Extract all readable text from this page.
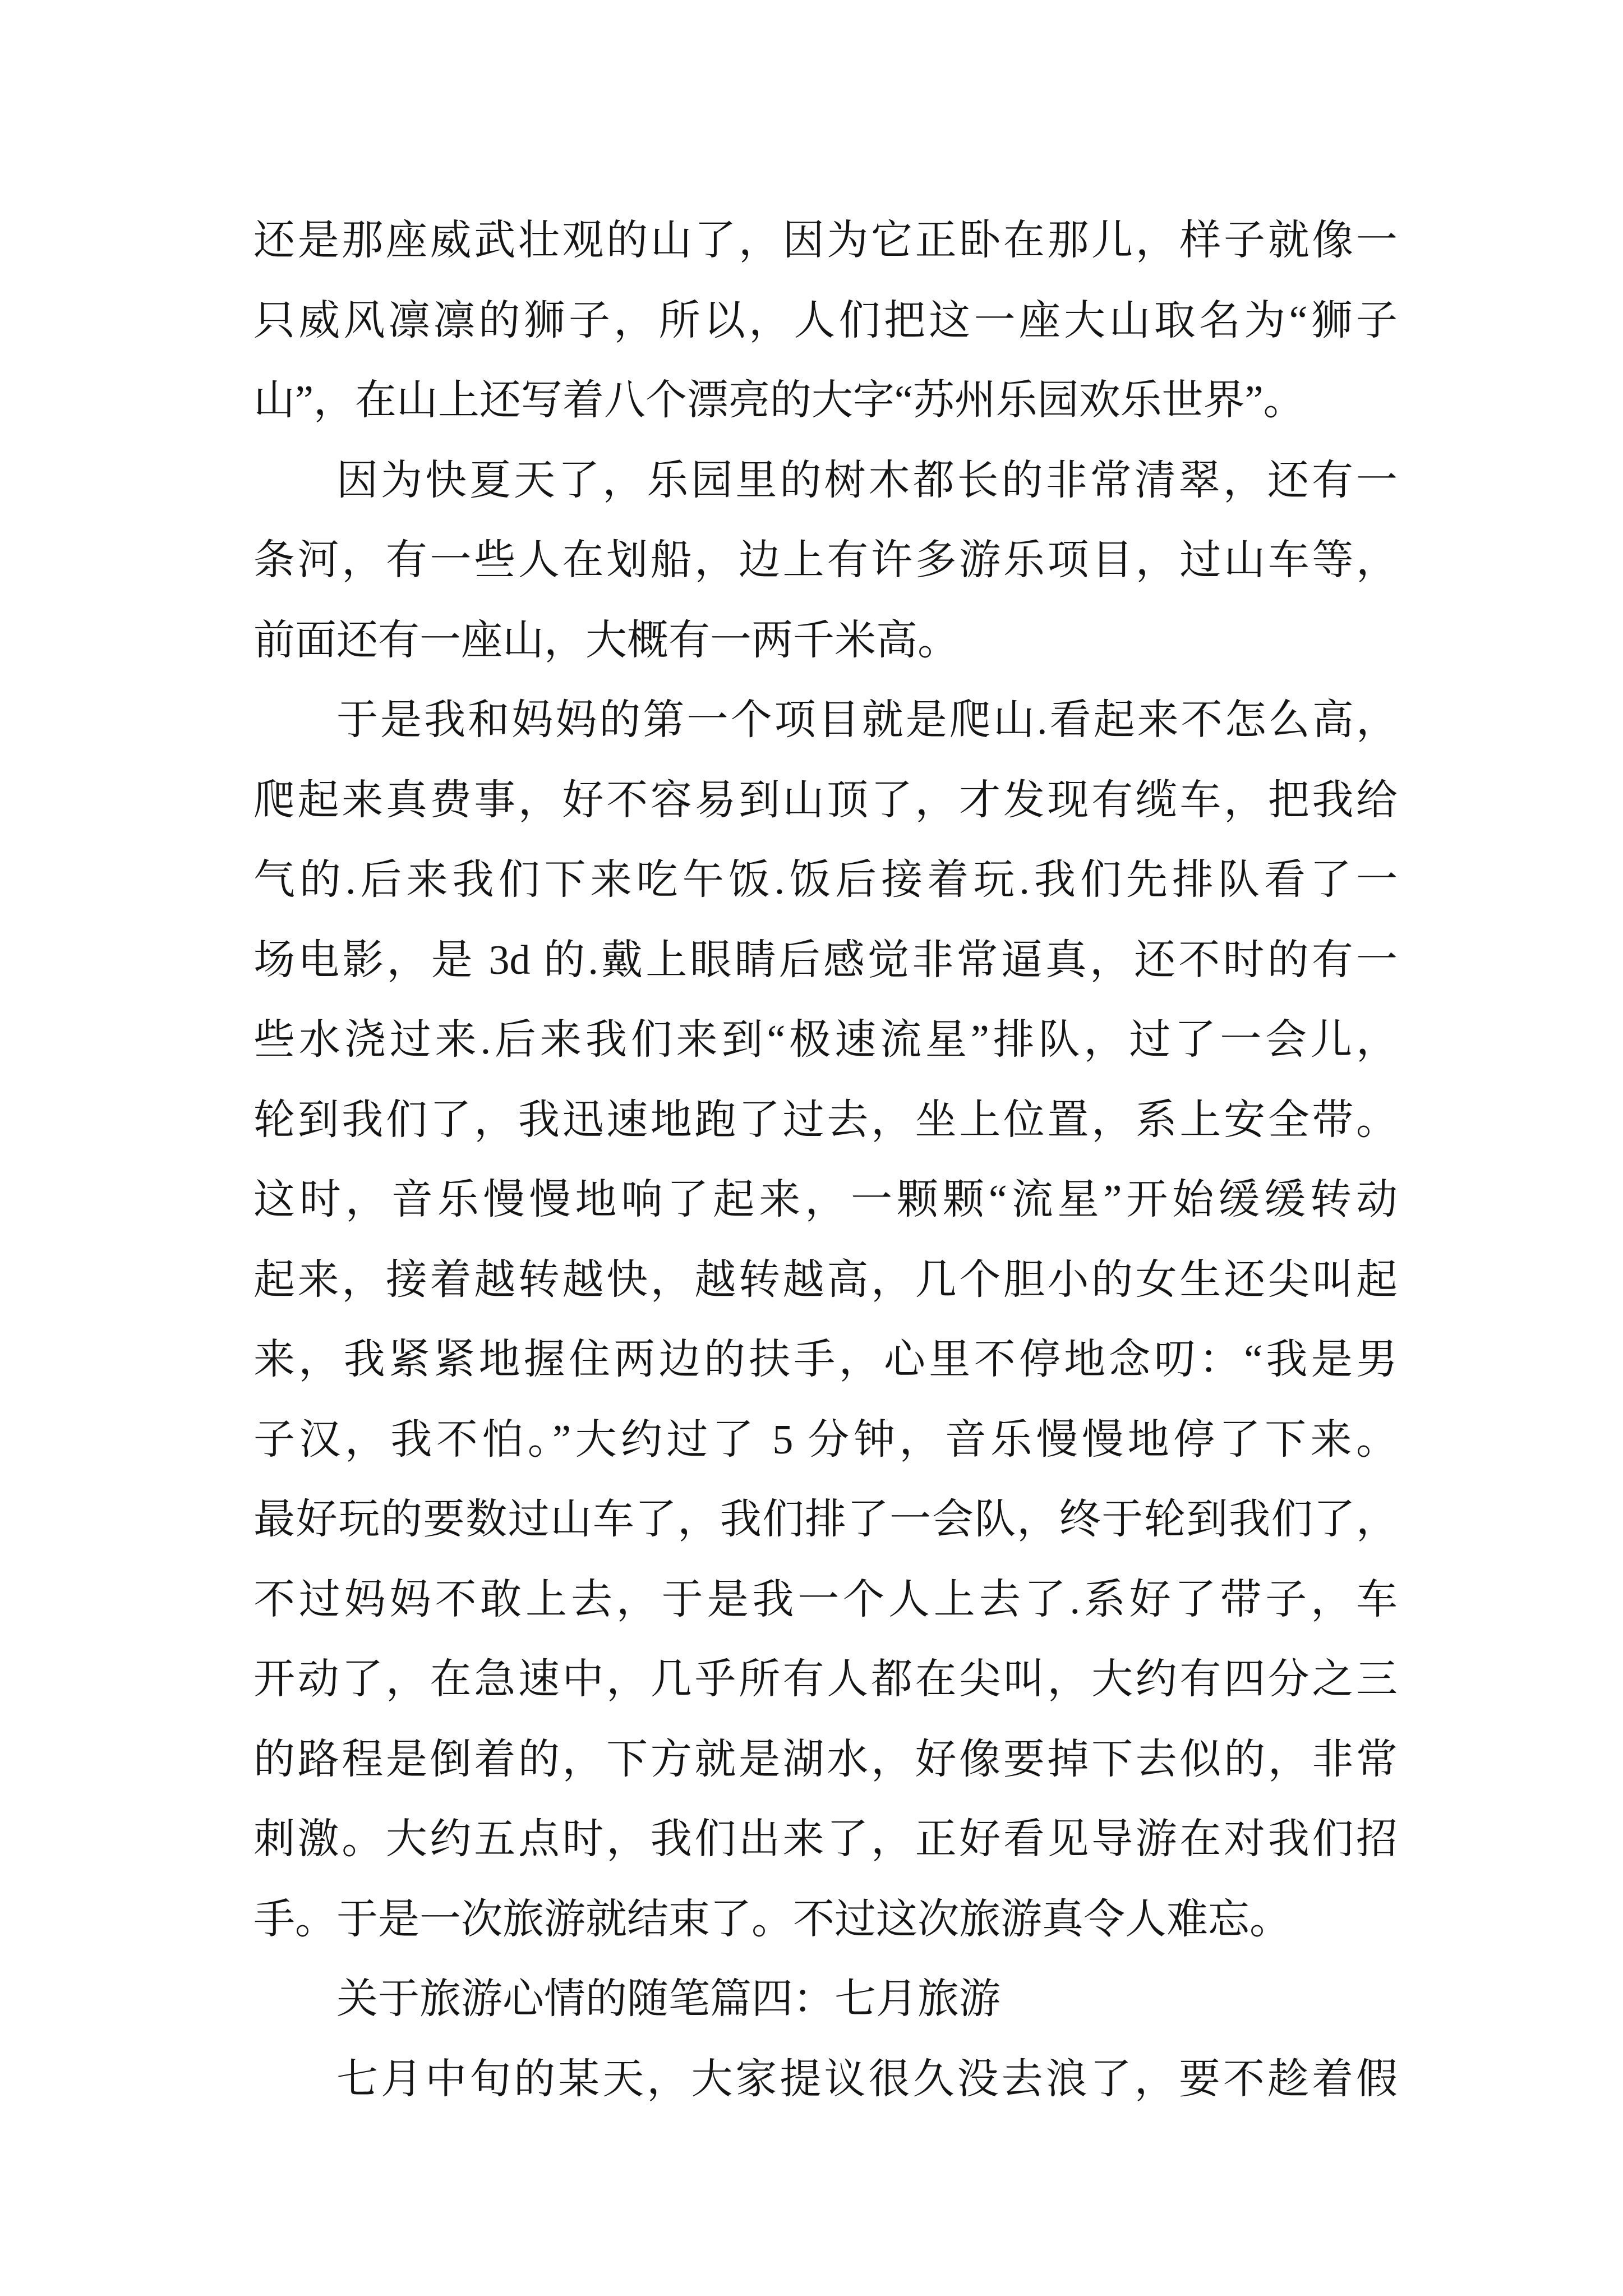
还是那座威武壮观的山了，因为它正卧在那儿，样子就像一
只威风凛凛的狮子，所以，人们把这一座大山取名为“狮子
山”，在山上还写着八个漂亮的大字“苏州乐园欢乐世界”。
因为快夏天了，乐园里的树木都长的非常清翠，还有一
条河，有一些人在划船，边上有许多游乐项目，过山车等，
前面还有一座山，大概有一两千米高。
于是我和妈妈的第一个项目就是爬山.看起来不怎么高，
爬起来真费事，好不容易到山顶了，才发现有缆车，把我给
气的.后来我们下来吃午饭.饭后接着玩.我们先排队看了一
场电影，是 3d 的.戴上眼睛后感觉非常逼真，还不时的有一
些水浇过来.后来我们来到“极速流星”排队，过了一会儿，
轮到我们了，我迅速地跑了过去，坐上位置，系上安全带。
这时，音乐慢慢地响了起来，一颗颗“流星”开始缓缓转动
起来，接着越转越快，越转越高，几个胆小的女生还尖叫起
来，我紧紧地握住两边的扶手，心里不停地念叨：“我是男
子汉，我不怕。”大约过了 5 分钟，音乐慢慢地停了下来。
最好玩的要数过山车了，我们排了一会队，终于轮到我们了，
不过妈妈不敢上去，于是我一个人上去了.系好了带子，车
开动了，在急速中，几乎所有人都在尖叫，大约有四分之三
的路程是倒着的，下方就是湖水，好像要掉下去似的，非常
刺激。大约五点时，我们出来了，正好看见导游在对我们招
手。于是一次旅游就结束了。不过这次旅游真令人难忘。
关于旅游心情的随笔篇四：七月旅游
七月中旬的某天，大家提议很久没去浪了，要不趁着假
